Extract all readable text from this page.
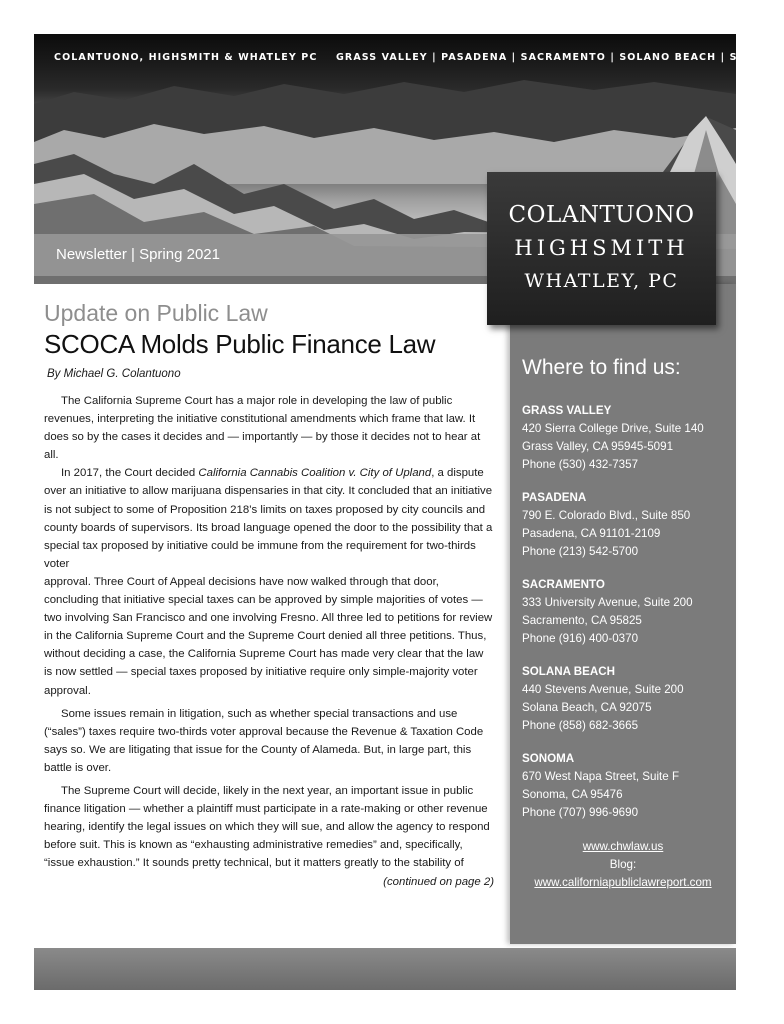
COLANTUONO, HIGHSMITH & WHATLEY PC GRASS VALLEY | PASADENA | SACRAMENTO | SOLANO BEACH | SONOMA
Newsletter | Spring 2021
COLANTUONO
HIGHSMITH
WHATLEY, PC
Where to find us:
GRASS VALLEY
420 Sierra College Drive, Suite 140
Grass Valley, CA 95945-5091
Phone (530) 432-7357
PASADENA
790 E. Colorado Blvd., Suite 850
Pasadena, CA 91101-2109
Phone (213) 542-5700
SACRAMENTO
333 University Avenue, Suite 200
Sacramento, CA 95825
Phone (916) 400-0370
SOLANA BEACH
440 Stevens Avenue, Suite 200
Solana Beach, CA 92075
Phone (858) 682-3665
SONOMA
670 West Napa Street, Suite F
Sonoma, CA 95476
Phone (707) 996-9690
www.chwlaw.us
Blog:
www.californiapubliclawreport.com
Update on Public Law
SCOCA Molds Public Finance Law
By Michael G. Colantuono

The California Supreme Court has a major role in developing the law of public revenues, interpreting the initiative constitutional amendments which frame that law. It does so by the cases it decides and — importantly — by those it decides not to hear at all.

In 2017, the Court decided California Cannabis Coalition v. City of Upland, a dispute over an initiative to allow marijuana dispensaries in that city. It concluded that an initiative is not subject to some of Proposition 218’s limits on taxes proposed by city councils and county boards of supervisors. Its broad language opened the door to the possibility that a special tax proposed by initiative could be immune from the requirement for two-thirds voter

approval. Three Court of Appeal decisions have now walked through that door, concluding that initiative special taxes can be approved by simple majorities of votes — two involving San Francisco and one involving Fresno. All three led to petitions for review in the California Supreme Court and the Supreme Court denied all three petitions. Thus, without deciding a case, the California Supreme Court has made very clear that the law is now settled — special taxes proposed by initiative require only simple-majority voter approval.

Some issues remain in litigation, such as whether special transactions and use (“sales”) taxes require two-thirds voter approval because the Revenue & Taxation Code says so. We are litigating that issue for the County of Alameda. But, in large part, this battle is over.

The Supreme Court will decide, likely in the next year, an important issue in public finance litigation — whether a plaintiff must participate in a rate-making or other revenue hearing, identify the legal issues on which they will sue, and allow the agency to respond before suit. This is known as “exhausting administrative remedies” and, specifically, “issue exhaustion.” It sounds pretty technical, but it matters greatly to the stability of

(continued on page 2)
